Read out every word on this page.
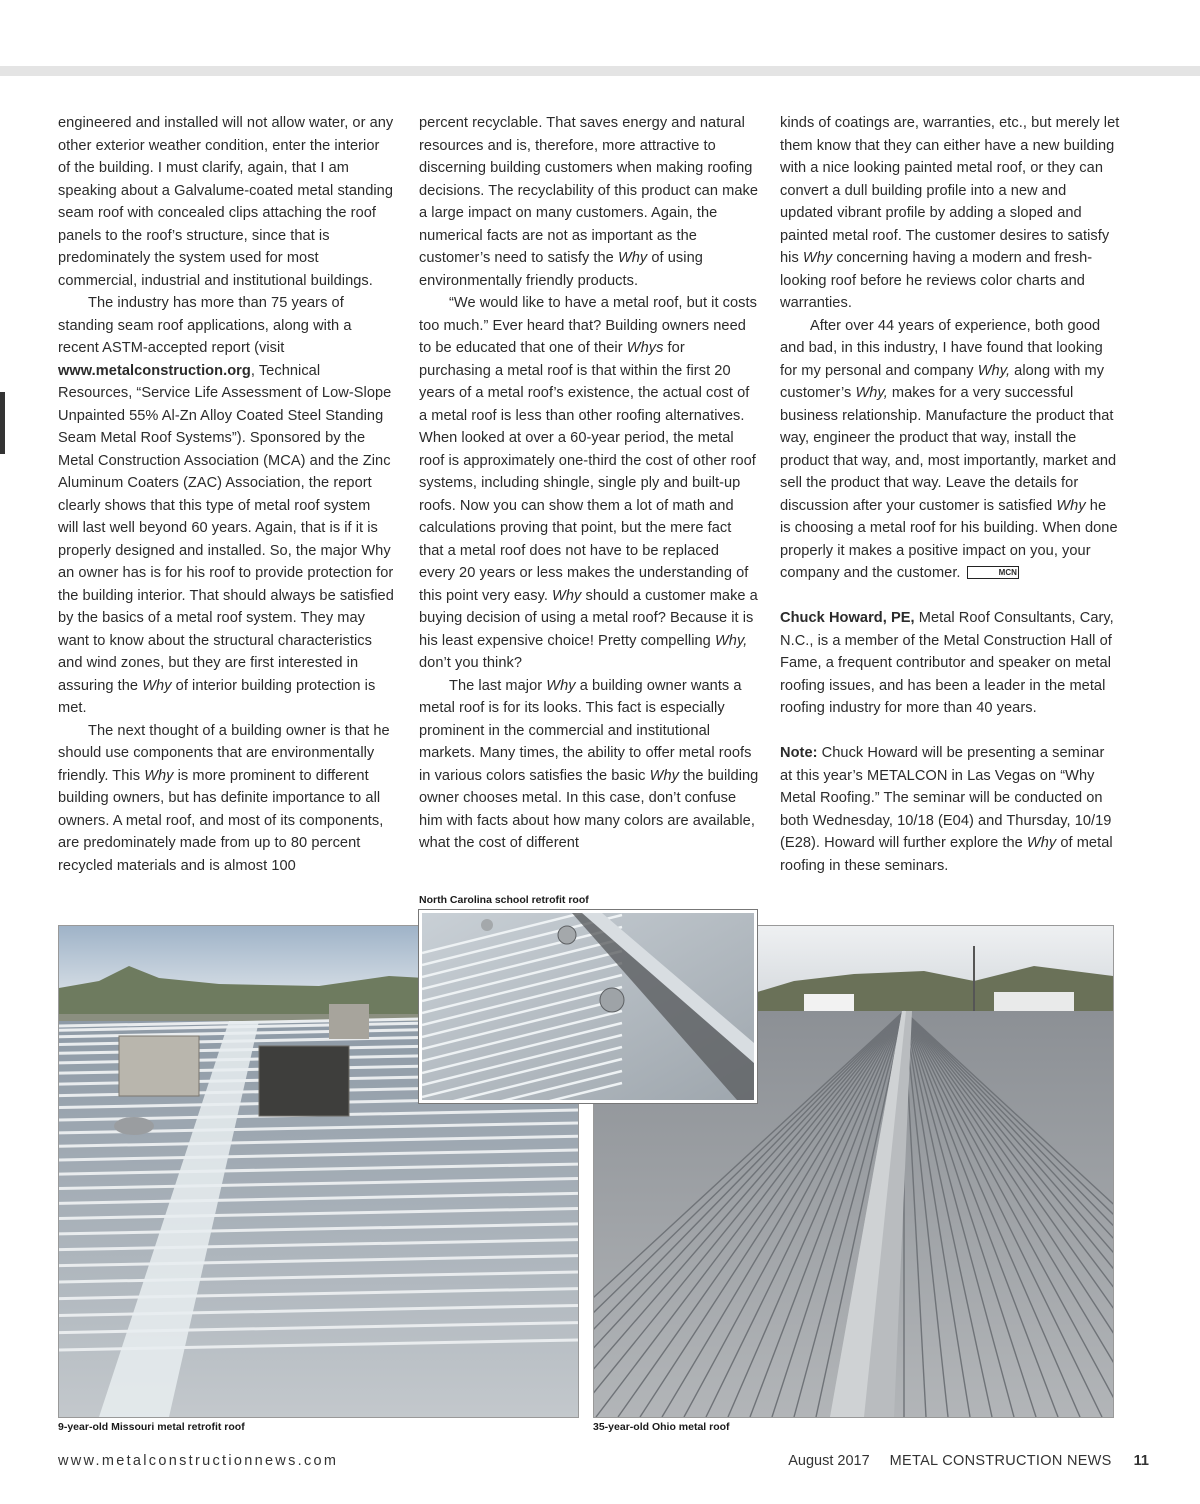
engineered and installed will not allow water, or any other exterior weather condition, enter the interior of the building. I must clarify, again, that I am speaking about a Galvalume-coated metal standing seam roof with concealed clips attaching the roof panels to the roof’s structure, since that is predominately the system used for most commercial, industrial and institutional buildings.

The industry has more than 75 years of standing seam roof applications, along with a recent ASTM-accepted report (visit www.metalconstruction.org, Technical Resources, “Service Life Assessment of Low-Slope Unpainted 55% Al-Zn Alloy Coated Steel Standing Seam Metal Roof Systems”). Sponsored by the Metal Construction Association (MCA) and the Zinc Aluminum Coaters (ZAC) Association, the report clearly shows that this type of metal roof system will last well beyond 60 years. Again, that is if it is properly designed and installed. So, the major Why an owner has is for his roof to provide protection for the building interior. That should always be satisfied by the basics of a metal roof system. They may want to know about the structural characteristics and wind zones, but they are first interested in assuring the Why of interior building protection is met.

The next thought of a building owner is that he should use components that are environmentally friendly. This Why is more prominent to different building owners, but has definite importance to all owners. A metal roof, and most of its components, are predominately made from up to 80 percent recycled materials and is almost 100

percent recyclable. That saves energy and natural resources and is, therefore, more attractive to discerning building customers when making roofing decisions. The recyclability of this product can make a large impact on many customers. Again, the numerical facts are not as important as the customer’s need to satisfy the Why of using environmentally friendly products.

“We would like to have a metal roof, but it costs too much.” Ever heard that? Building owners need to be educated that one of their Whys for purchasing a metal roof is that within the first 20 years of a metal roof’s existence, the actual cost of a metal roof is less than other roofing alternatives. When looked at over a 60-year period, the metal roof is approximately one-third the cost of other roof systems, including shingle, single ply and built-up roofs. Now you can show them a lot of math and calculations proving that point, but the mere fact that a metal roof does not have to be replaced every 20 years or less makes the understanding of this point very easy. Why should a customer make a buying decision of using a metal roof? Because it is his least expensive choice! Pretty compelling Why, don’t you think?

The last major Why a building owner wants a metal roof is for its looks. This fact is especially prominent in the commercial and institutional markets. Many times, the ability to offer metal roofs in various colors satisfies the basic Why the building owner chooses metal. In this case, don’t confuse him with facts about how many colors are available, what the cost of different

kinds of coatings are, warranties, etc., but merely let them know that they can either have a new building with a nice looking painted metal roof, or they can convert a dull building profile into a new and updated vibrant profile by adding a sloped and painted metal roof. The customer desires to satisfy his Why concerning having a modern and fresh-looking roof before he reviews color charts and warranties.

After over 44 years of experience, both good and bad, in this industry, I have found that looking for my personal and company Why, along with my customer’s Why, makes for a very successful business relationship. Manufacture the product that way, engineer the product that way, install the product that way, and, most importantly, market and sell the product that way. Leave the details for discussion after your customer is satisfied Why he is choosing a metal roof for his building. When done properly it makes a positive impact on you, your company and the customer.	MCN

Chuck Howard, PE, Metal Roof Consultants, Cary, N.C., is a member of the Metal Construction Hall of Fame, a frequent contributor and speaker on metal roofing issues, and has been a leader in the metal roofing industry for more than 40 years.

Note: Chuck Howard will be presenting a seminar at this year’s METALCON in Las Vegas on “Why Metal Roofing.” The seminar will be conducted on both Wednesday, 10/18 (E04) and Thursday, 10/19 (E28). Howard will further explore the Why of metal roofing in these seminars.

North Carolina school retrofit roof
9-year-old Missouri metal retrofit roof	35-year-old Ohio metal roof
www.metalconstructionnews.com	August 2017 METAL CONSTRUCTION NEWS 11
